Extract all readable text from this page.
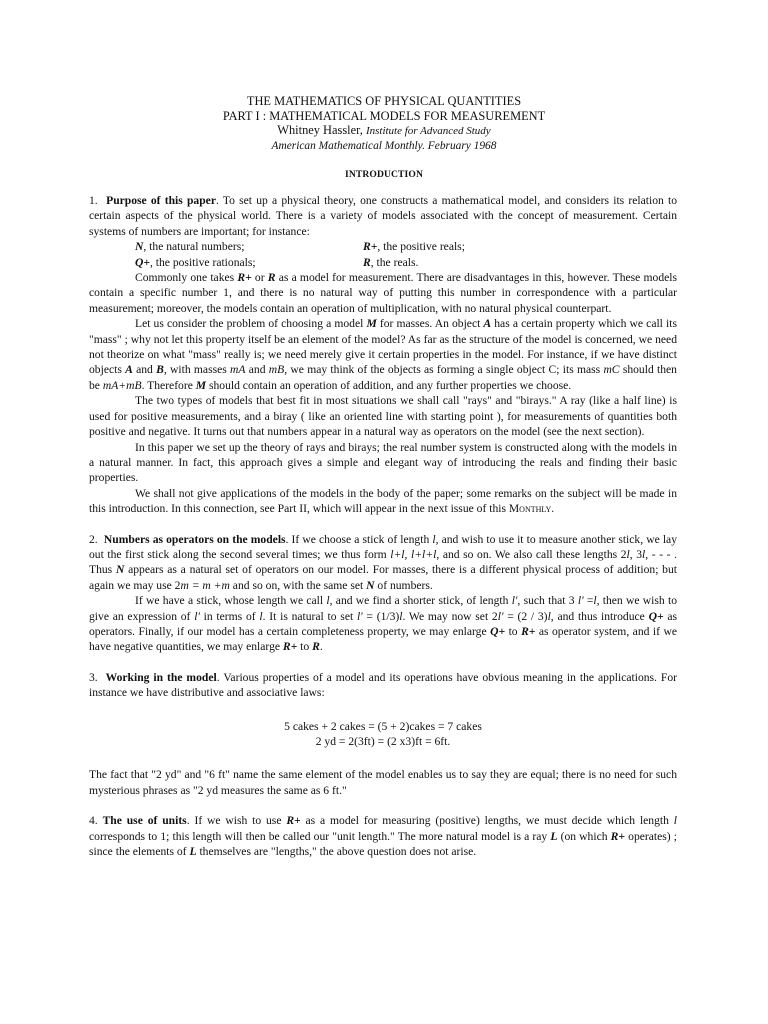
THE MATHEMATICS OF PHYSICAL QUANTITIES
PART I : MATHEMATICAL MODELS FOR MEASUREMENT
Whitney Hassler, Institute for Advanced Study
American Mathematical Monthly. February 1968
INTRODUCTION

1. Purpose of this paper. To set up a physical theory, one constructs a mathematical model, and considers its relation to certain aspects of the physical world. There is a variety of models associated with the concept of measurement. Certain systems of numbers are important; for instance:

N, the natural numbers;	R+, the positive reals;
Q+, the positive rationals;	R, the reals.

Commonly one takes R+ or R as a model for measurement. There are disadvantages in this, however. These models contain a specific number 1, and there is no natural way of putting this number in correspondence with a particular measurement; moreover, the models contain an operation of multiplication, with no natural physical counterpart.

Let us consider the problem of choosing a model M for masses. An object A has a certain property which we call its "mass" ; why not let this property itself be an element of the model? As far as the structure of the model is concerned, we need not theorize on what "mass" really is; we need merely give it certain properties in the model. For instance, if we have distinct objects A and B, with masses mA and mB, we may think of the objects as forming a single object C; its mass mC should then be mA+mB. Therefore M should contain an operation of addition, and any further properties we choose.

The two types of models that best fit in most situations we shall call "rays" and "birays." A ray (like a half line) is used for positive measurements, and a biray ( like an oriented line with starting point ), for measurements of quantities both positive and negative. It turns out that numbers appear in a natural way as operators on the model (see the next section).

In this paper we set up the theory of rays and birays; the real number system is constructed along with the models in a natural manner. In fact, this approach gives a simple and elegant way of introducing the reals and finding their basic properties.

We shall not give applications of the models in the body of the paper; some remarks on the subject will be made in this introduction. In this connection, see Part II, which will appear in the next issue of this Monthly.

2. Numbers as operators on the models. If we choose a stick of length l, and wish to use it to measure another stick, we lay out the first stick along the second several times; we thus form l+l, l+l+l, and so on. We also call these lengths 2l, 3l, - - - . Thus N appears as a natural set of operators on our model. For masses, there is a different physical process of addition; but again we may use 2m = m +m and so on, with the same set N of numbers.

If we have a stick, whose length we call l, and we find a shorter stick, of length l', such that 3 l' =l, then we wish to give an expression of l' in terms of l. It is natural to set l' = (1/3)l. We may now set 2l' = (2 / 3)l, and thus introduce Q+ as operators. Finally, if our model has a certain completeness property, we may enlarge Q+ to R+ as operator system, and if we have negative quantities, we may enlarge R+ to R.

3. Working in the model. Various properties of a model and its operations have obvious meaning in the applications. For instance we have distributive and associative laws:

5 cakes + 2 cakes = (5 + 2)cakes = 7 cakes

2 yd = 2(3ft) = (2 x3)ft = 6ft.

The fact that "2 yd" and "6 ft" name the same element of the model enables us to say they are equal; there is no need for such mysterious phrases as "2 yd measures the same as 6 ft."

4. The use of units. If we wish to use R+ as a model for measuring (positive) lengths, we must decide which length l corresponds to 1; this length will then be called our "unit length." The more natural model is a ray L (on which R+ operates) ; since the elements of L themselves are "lengths," the above question does not arise.
